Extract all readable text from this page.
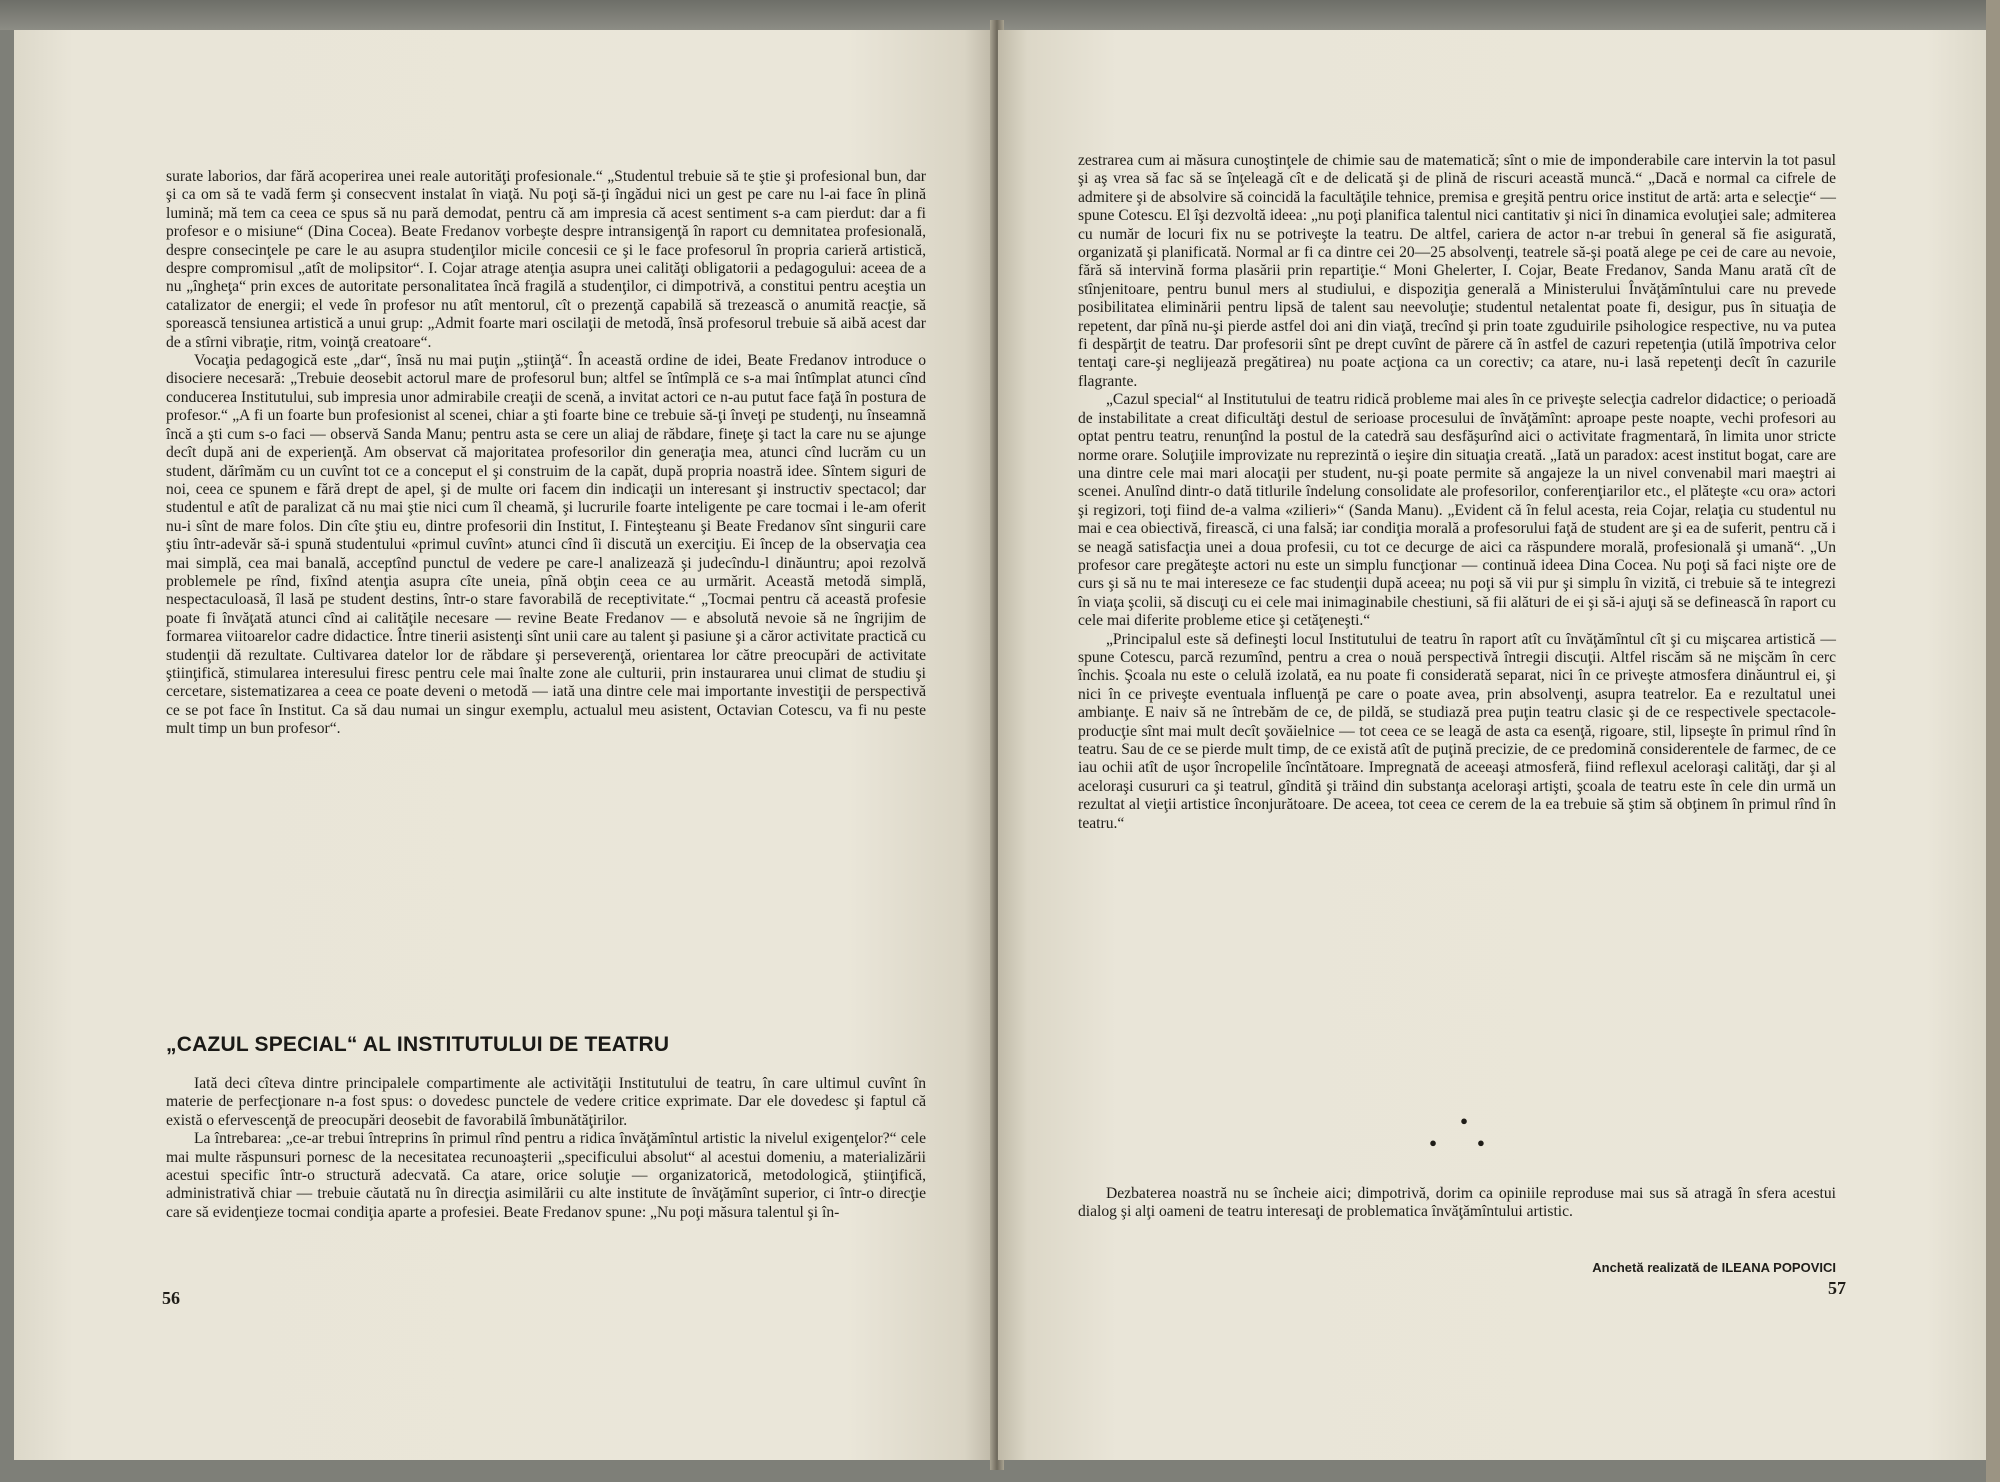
surate laborios, dar fără acoperirea unei reale autorităţi profesionale.“ „Studentul trebuie să te ştie şi profesional bun, dar şi ca om să te vadă ferm şi consecvent instalat în viaţă. Nu poţi să-ţi îngădui nici un gest pe care nu l-ai face în plină lumină; mă tem ca ceea ce spus să nu pară demodat, pentru că am impresia că acest sentiment s-a cam pierdut: dar a fi profesor e o misiune“ (Dina Cocea). Beate Fredanov vorbeşte despre intransigenţă în raport cu demnitatea profesională, despre consecinţele pe care le au asupra studenţilor micile concesii ce şi le face profesorul în propria carieră artistică, despre compromisul „atît de molipsitor“. I. Cojar atrage atenţia asupra unei calităţi obligatorii a pedagogului: aceea de a nu „îngheţa“ prin exces de autoritate personalitatea încă fragilă a studenţilor, ci dimpotrivă, a constitui pentru aceştia un catalizator de energii; el vede în profesor nu atît mentorul, cît o prezenţă capabilă să trezească o anumită reacţie, să sporească tensiunea artistică a unui grup: „Admit foarte mari oscilaţii de metodă, însă profesorul trebuie să aibă acest dar de a stîrni vibraţie, ritm, voinţă creatoare“.

Vocaţia pedagogică este „dar“, însă nu mai puţin „ştiinţă“. În această ordine de idei, Beate Fredanov introduce o disociere necesară: „Trebuie deosebit actorul mare de profesorul bun; altfel se întîmplă ce s-a mai întîmplat atunci cînd conducerea Institutului, sub impresia unor admirabile creaţii de scenă, a invitat actori ce n-au putut face faţă în postura de profesor.“ „A fi un foarte bun profesionist al scenei, chiar a şti foarte bine ce trebuie să-ţi înveţi pe studenţi, nu înseamnă încă a şti cum s-o faci — observă Sanda Manu; pentru asta se cere un aliaj de răbdare, fineţe şi tact la care nu se ajunge decît după ani de experienţă. Am observat că majoritatea profesorilor din generaţia mea, atunci cînd lucrăm cu un student, dărîmăm cu un cuvînt tot ce a conceput el şi construim de la capăt, după propria noastră idee. Sîntem siguri de noi, ceea ce spunem e fără drept de apel, şi de multe ori facem din indicaţii un interesant şi instructiv spectacol; dar studentul e atît de paralizat că nu mai ştie nici cum îl cheamă, şi lucrurile foarte inteligente pe care tocmai i le-am oferit nu-i sînt de mare folos. Din cîte ştiu eu, dintre profesorii din Institut, I. Finteşteanu şi Beate Fredanov sînt singurii care ştiu într-adevăr să-i spună studentului «primul cuvînt» atunci cînd îi discută un exerciţiu. Ei încep de la observaţia cea mai simplă, cea mai banală, acceptînd punctul de vedere pe care-l analizează şi judecîndu-l dinăuntru; apoi rezolvă problemele pe rînd, fixînd atenţia asupra cîte uneia, pînă obţin ceea ce au urmărit. Această metodă simplă, nespectaculoasă, îl lasă pe student destins, într-o stare favorabilă de receptivitate.“ „Tocmai pentru că această profesie poate fi învăţată atunci cînd ai calităţile necesare — revine Beate Fredanov — e absolută nevoie să ne îngrijim de formarea viitoarelor cadre didactice. Între tinerii asistenţi sînt unii care au talent şi pasiune şi a căror activitate practică cu studenţii dă rezultate. Cultivarea datelor lor de răbdare şi perseverenţă, orientarea lor către preocupări de activitate ştiinţifică, stimularea interesului firesc pentru cele mai înalte zone ale culturii, prin instaurarea unui climat de studiu şi cercetare, sistematizarea a ceea ce poate deveni o metodă — iată una dintre cele mai importante investiţii de perspectivă ce se pot face în Institut. Ca să dau numai un singur exemplu, actualul meu asistent, Octavian Cotescu, va fi nu peste mult timp un bun profesor“.

„CAZUL SPECIAL“ AL INSTITUTULUI DE TEATRU

Iată deci cîteva dintre principalele compartimente ale activităţii Institutului de teatru, în care ultimul cuvînt în materie de perfecţionare n-a fost spus: o dovedesc punctele de vedere critice exprimate. Dar ele dovedesc şi faptul că există o efervescenţă de preocupări deosebit de favorabilă îmbunătăţirilor.

La întrebarea: „ce-ar trebui întreprins în primul rînd pentru a ridica învăţămîntul artistic la nivelul exigenţelor?“ cele mai multe răspunsuri pornesc de la necesitatea recunoaşterii „specificului absolut“ al acestui domeniu, a materializării acestui specific într-o structură adecvată. Ca atare, orice soluţie — organizatorică, metodologică, ştiinţifică, administrativă chiar — trebuie căutată nu în direcţia asimilării cu alte institute de învăţămînt superior, ci într-o direcţie care să evidenţieze tocmai condiţia aparte a profesiei. Beate Fredanov spune: „Nu poţi măsura talentul şi în-

56

zestrarea cum ai măsura cunoştinţele de chimie sau de matematică; sînt o mie de imponderabile care intervin la tot pasul şi aş vrea să fac să se înţeleagă cît e de delicată şi de plină de riscuri această muncă.“ „Dacă e normal ca cifrele de admitere şi de absolvire să coincidă la facultăţile tehnice, premisa e greşită pentru orice institut de artă: arta e selecţie“ — spune Cotescu. El îşi dezvoltă ideea: „nu poţi planifica talentul nici cantitativ şi nici în dinamica evoluţiei sale; admiterea cu număr de locuri fix nu se potriveşte la teatru. De altfel, cariera de actor n-ar trebui în general să fie asigurată, organizată şi planificată. Normal ar fi ca dintre cei 20—25 absolvenţi, teatrele să-şi poată alege pe cei de care au nevoie, fără să intervină forma plasării prin repartiţie.“ Moni Ghelerter, I. Cojar, Beate Fredanov, Sanda Manu arată cît de stînjenitoare, pentru bunul mers al studiului, e dispoziţia generală a Ministerului Învăţămîntului care nu prevede posibilitatea eliminării pentru lipsă de talent sau neevoluţie; studentul netalentat poate fi, desigur, pus în situaţia de repetent, dar pînă nu-şi pierde astfel doi ani din viaţă, trecînd şi prin toate zguduirile psihologice respective, nu va putea fi despărţit de teatru. Dar profesorii sînt pe drept cuvînt de părere că în astfel de cazuri repetenţia (utilă împotriva celor tentaţi care-şi neglijează pregătirea) nu poate acţiona ca un corectiv; ca atare, nu-i lasă repetenţi decît în cazurile flagrante.

„Cazul special“ al Institutului de teatru ridică probleme mai ales în ce priveşte selecţia cadrelor didactice; o perioadă de instabilitate a creat dificultăţi destul de serioase procesului de învăţămînt: aproape peste noapte, vechi profesori au optat pentru teatru, renunţînd la postul de la catedră sau desfăşurînd aici o activitate fragmentară, în limita unor stricte norme orare. Soluţiile improvizate nu reprezintă o ieşire din situaţia creată. „Iată un paradox: acest institut bogat, care are una dintre cele mai mari alocaţii per student, nu-şi poate permite să angajeze la un nivel convenabil mari maeştri ai scenei. Anulînd dintr-o dată titlurile îndelung consolidate ale profesorilor, conferenţiarilor etc., el plăteşte «cu ora» actori şi regizori, toţi fiind de-a valma «zilieri»“ (Sanda Manu). „Evident că în felul acesta, reia Cojar, relaţia cu studentul nu mai e cea obiectivă, firească, ci una falsă; iar condiţia morală a profesorului faţă de student are şi ea de suferit, pentru că i se neagă satisfacţia unei a doua profesii, cu tot ce decurge de aici ca răspundere morală, profesională şi umană“. „Un profesor care pregăteşte actori nu este un simplu funcţionar — continuă ideea Dina Cocea. Nu poţi să faci nişte ore de curs şi să nu te mai intereseze ce fac studenţii după aceea; nu poţi să vii pur şi simplu în vizită, ci trebuie să te integrezi în viaţa şcolii, să discuţi cu ei cele mai inimaginabile chestiuni, să fii alături de ei şi să-i ajuţi să se definească în raport cu cele mai diferite probleme etice şi cetăţeneşti.“

„Principalul este să defineşti locul Institutului de teatru în raport atît cu învăţămîntul cît şi cu mişcarea artistică — spune Cotescu, parcă rezumînd, pentru a crea o nouă perspectivă întregii discuţii. Altfel riscăm să ne mişcăm în cerc închis. Şcoala nu este o celulă izolată, ea nu poate fi considerată separat, nici în ce priveşte atmosfera dinăuntrul ei, şi nici în ce priveşte eventuala influenţă pe care o poate avea, prin absolvenţi, asupra teatrelor. Ea e rezultatul unei ambianţe. E naiv să ne întrebăm de ce, de pildă, se studiază prea puţin teatru clasic şi de ce respectivele spectacole-producţie sînt mai mult decît şovăielnice — tot ceea ce se leagă de asta ca esenţă, rigoare, stil, lipseşte în primul rînd în teatru. Sau de ce se pierde mult timp, de ce există atît de puţină precizie, de ce predomină considerentele de farmec, de ce iau ochii atît de uşor încropelile încîntătoare. Impregnată de aceeaşi atmosferă, fiind reflexul aceloraşi calităţi, dar şi al aceloraşi cusururi ca şi teatrul, gîndită şi trăind din substanţa aceloraşi artişti, şcoala de teatru este în cele din urmă un rezultat al vieţii artistice înconjurătoare. De aceea, tot ceea ce cerem de la ea trebuie să ştim să obţinem în primul rînd în teatru.“

●
●●

Dezbaterea noastră nu se încheie aici; dimpotrivă, dorim ca opiniile reproduse mai sus să atragă în sfera acestui dialog şi alţi oameni de teatru interesaţi de problematica învăţămîntului artistic.

Anchetă realizată de ILEANA POPOVICI
57
